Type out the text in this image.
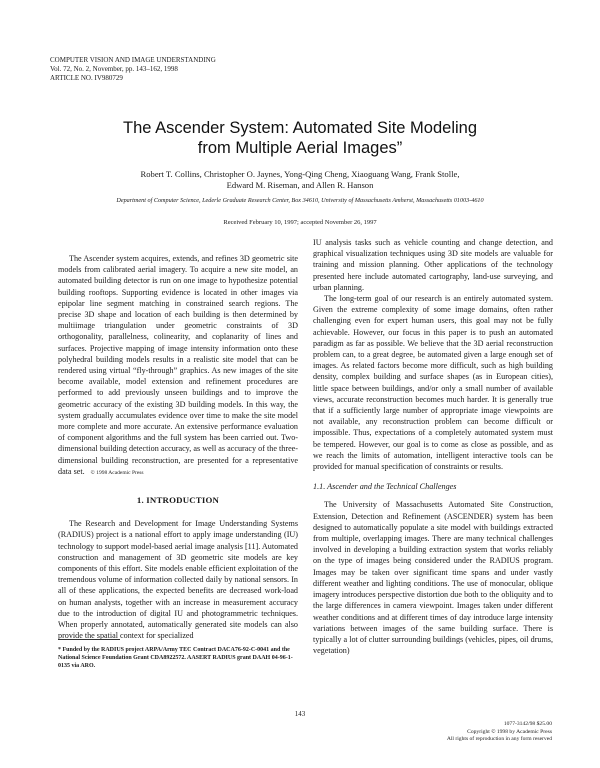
COMPUTER VISION AND IMAGE UNDERSTANDING
Vol. 72, No. 2, November, pp. 143–162, 1998
ARTICLE NO. IV980729
The Ascender System: Automated Site Modeling
from Multiple Aerial Images”
Robert T. Collins, Christopher O. Jaynes, Yong-Qing Cheng, Xiaoguang Wang, Frank Stolle,
Edward M. Riseman, and Allen R. Hanson
Department of Computer Science, Lederle Graduate Research Center, Box 34610, University of Massachusetts Amherst, Massachusetts 01003-4610
Received February 10, 1997; accepted November 26, 1997

The Ascender system acquires, extends, and refines 3D geometric site models from calibrated aerial imagery. To acquire a new site model, an automated building detector is run on one image to hypothesize potential building rooftops. Supporting evidence is located in other images via epipolar line segment matching in constrained search regions. The precise 3D shape and location of each building is then determined by multiimage triangulation under geometric constraints of 3D orthogonality, parallelness, colinearity, and coplanarity of lines and surfaces. Projective mapping of image intensity information onto these polyhedral building models results in a realistic site model that can be rendered using virtual “fly-through” graphics. As new images of the site become available, model extension and refinement procedures are performed to add previously unseen buildings and to improve the geometric accuracy of the existing 3D building models. In this way, the system gradually accumulates evidence over time to make the site model more complete and more accurate. An extensive performance evaluation of component algorithms and the full system has been carried out. Two-dimensional building detection accuracy, as well as accuracy of the three-dimensional building reconstruction, are presented for a representative data set. © 1998 Academic Press

1. INTRODUCTION

The Research and Development for Image Understanding Systems (RADIUS) project is a national effort to apply image understanding (IU) technology to support model-based aerial image analysis [11]. Automated construction and management of 3D geometric site models are key components of this effort. Site models enable efficient exploitation of the tremendous volume of information collected daily by national sensors. In all of these applications, the expected benefits are decreased work-load on human analysts, together with an increase in measurement accuracy due to the introduction of digital IU and photogrammetric techniques. When properly annotated, automatically generated site models can also provide the spatial context for specialized

* Funded by the RADIUS project ARPA/Army TEC Contract DACA76-92-C-0041 and the National Science Foundation Grant CDA8922572. AASERT RADIUS grant DAAH 04-96-1-0135 via ARO.

IU analysis tasks such as vehicle counting and change detection, and graphical visualization techniques using 3D site models are valuable for training and mission planning. Other applications of the technology presented here include automated cartography, land-use surveying, and urban planning.

The long-term goal of our research is an entirely automated system. Given the extreme complexity of some image domains, often rather challenging even for expert human users, this goal may not be fully achievable. However, our focus in this paper is to push an automated paradigm as far as possible. We believe that the 3D aerial reconstruction problem can, to a great degree, be automated given a large enough set of images. As related factors become more difficult, such as high building density, complex building and surface shapes (as in European cities), little space between buildings, and/or only a small number of available views, accurate reconstruction becomes much harder. It is generally true that if a sufficiently large number of appropriate image viewpoints are not available, any reconstruction problem can become difficult or impossible. Thus, expectations of a completely automated system must be tempered. However, our goal is to come as close as possible, and as we reach the limits of automation, intelligent interactive tools can be provided for manual specification of constraints or results.

1.1. Ascender and the Technical Challenges

The University of Massachusetts Automated Site Construction, Extension, Detection and Refinement (ASCENDER) system has been designed to automatically populate a site model with buildings extracted from multiple, overlapping images. There are many technical challenges involved in developing a building extraction system that works reliably on the type of images being considered under the RADIUS program. Images may be taken over significant time spans and under vastly different weather and lighting conditions. The use of monocular, oblique imagery introduces perspective distortion due both to the obliquity and to the large differences in camera viewpoint. Images taken under different weather conditions and at different times of day introduce large intensity variations between images of the same building surface. There is typically a lot of clutter surrounding buildings (vehicles, pipes, oil drums, vegetation)

143
1077-3142/98 $25.00
Copyright © 1998 by Academic Press
All rights of reproduction in any form reserved
